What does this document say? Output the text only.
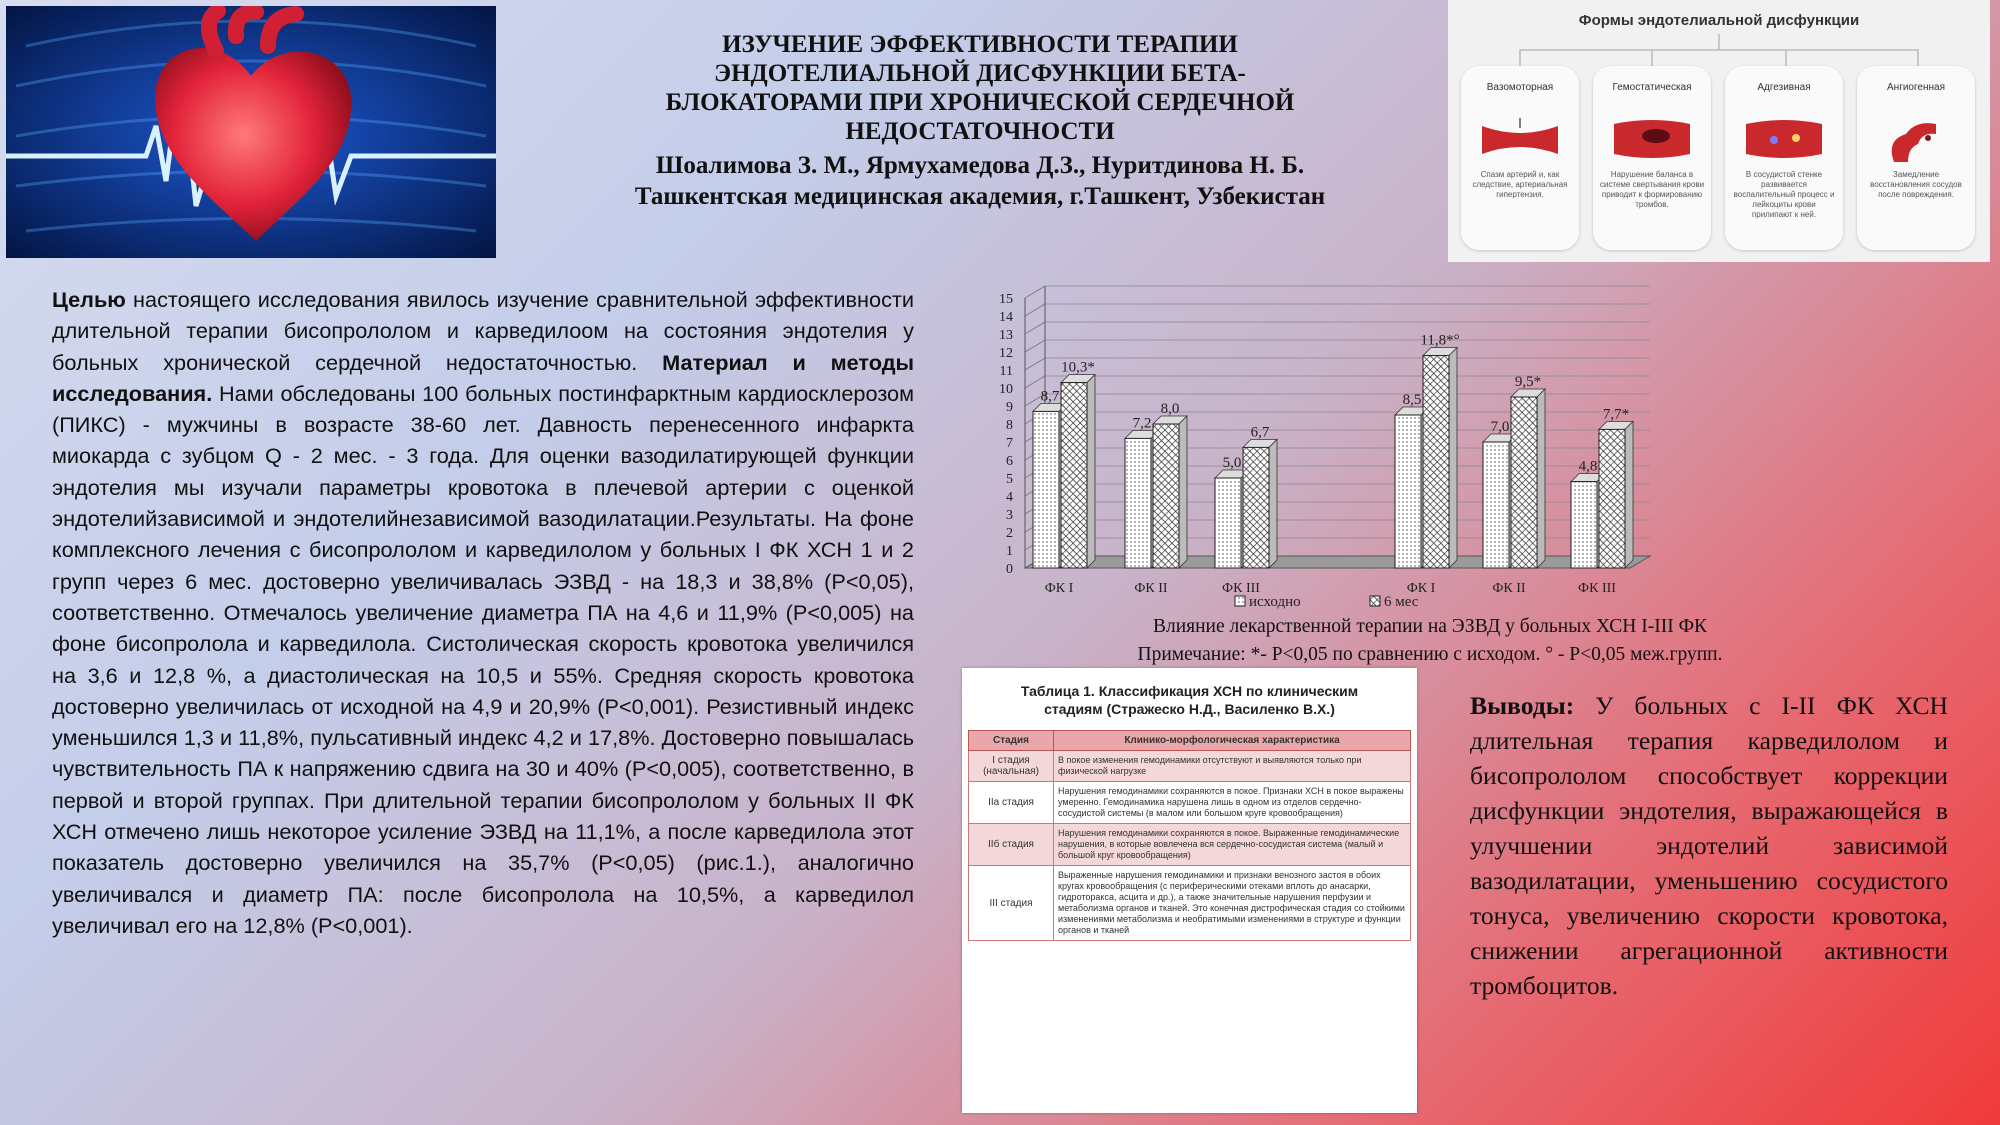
ИЗУЧЕНИЕ ЭФФЕКТИВНОСТИ ТЕРАПИИ

ЭНДОТЕЛИАЛЬНОЙ ДИСФУНКЦИИ БЕТА-

БЛОКАТОРАМИ ПРИ ХРОНИЧЕСКОЙ СЕРДЕЧНОЙ

НЕДОСТАТОЧНОСТИ

Шоалимова З. М., Ярмухамедова Д.З., Нуритдинова Н. Б.

Ташкентская медицинская академия, г.Ташкент, Узбекистан

Формы эндотелиальной дисфункции
Вазомоторная
Спазм артерий и, как следствие, артериальная гипертензия.
Гемостатическая
Нарушение баланса в системе свертывания крови приводит к формированию тромбов.
Адгезивная
В сосудистой стенке развивается воспалительный процесс и лейкоциты крови прилипают к ней.
Ангиогенная
Замедление восстановления сосудов после повреждения.

Целью настоящего исследования явилось изучение сравнительной эффективности длительной терапии бисопрололом и карведилоом на состояния эндотелия у больных хронической сердечной недостаточностью. Материал и методы исследования. Нами обследованы 100 больных постинфарктным кардиосклерозом (ПИКС) - мужчины в возрасте 38-60 лет. Давность перенесенного инфаркта миокарда с зубцом Q - 2 мес. - 3 года. Для оценки вазодилатирующей функции эндотелия мы изучали параметры кровотока в плечевой артерии с оценкой эндотелийзависимой и эндотелийнезависимой вазодилатации.Результаты. На фоне комплексного лечения с бисопрололом и карведилолом у больных I ФК ХСН 1 и 2 групп через 6 мес. достоверно увеличивалась ЭЗВД - на 18,3 и 38,8% (P<0,05), соответственно. Отмечалось увеличение диаметра ПА на 4,6 и 11,9% (P<0,005) на фоне бисопролола и карведилола. Систолическая скорость кровотока увеличился на 3,6 и 12,8 %, а диастолическая на 10,5 и 55%. Средняя скорость кровотока достоверно увеличилась от исходной на 4,9 и 20,9% (P<0,001). Резистивный индекс уменьшился 1,3 и 11,8%, пульсативный индекс 4,2 и 17,8%. Достоверно повышалась чувствительность ПА к напряжению сдвига на 30 и 40% (P<0,005), соответственно, в первой и второй группах. При длительной терапии бисопрололом у больных II ФК ХСН отмечено лишь некоторое усиление ЭЗВД на 11,1%, а после карведилола этот показатель достоверно увеличился на 35,7% (P<0,05) (рис.1.), аналогично увеличивался и диаметр ПА: после бисопролола на 10,5%, а карведилол увеличивал его на 12,8% (P<0,001).

0
1
2
3
4
5
6
7
8
9
10
11
12
13
14
15
8,7
10,3*
7,2
8,0
5,0
6,7
8,5
11,8*°
7,0
9,5*
4,8
7,7*
ФК I	ФК II	ФК III	ФК I	ФК II	ФК III
исходно	6 мес
Влияние лекарственной терапии на ЭЗВД у больных ХСН I-III ФК
Примечание: *- P<0,05 по сравнению с исходом. ° - P<0,05 меж.групп.
Таблица 1. Классификация ХСН по клиническим
стадиям (Стражеско Н.Д., Василенко В.Х.)
Стадия	Клинико-морфологическая характеристика
I стадия (начальная)	В покое изменения гемодинамики отсутствуют и выявляются только при физической нагрузке
IIа стадия	Нарушения гемодинамики сохраняются в покое. Признаки ХСН в покое выражены умеренно. Гемодинамика нарушена лишь в одном из отделов сердечно-сосудистой системы (в малом или большом круге кровообращения)
IIб стадия	Нарушения гемодинамики сохраняются в покое. Выраженные гемодинамические нарушения, в которые вовлечена вся сердечно-сосудистая система (малый и большой круг кровообращения)
III стадия	Выраженные нарушения гемодинамики и признаки венозного застоя в обоих кругах кровообращения (с периферическими отеками вплоть до анасарки, гидроторакса, асцита и др.), а также значительные нарушения перфузии и метаболизма органов и тканей. Это конечная дистрофическая стадия со стойкими изменениями метаболизма и необратимыми изменениями в структуре и функции органов и тканей
Выводы: У больных с I-II ФК ХСН длительная терапия карведилолом и бисопрололом способствует коррекции дисфункции эндотелия, выражающейся в улучшении эндотелий зависимой вазодилатации, уменьшению сосудистого тонуса, увеличению скорости кровотока, снижении агрегационной активности тромбоцитов.
